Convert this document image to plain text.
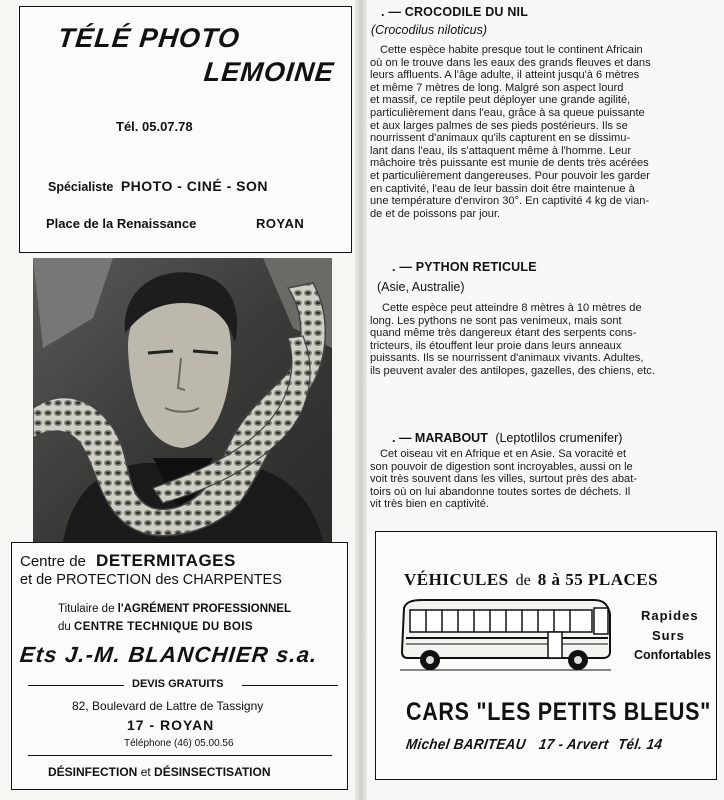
TÉLÉ PHOTO
LEMOINE
Tél. 05.07.78
Spécialiste PHOTO - CINÉ - SON
Place de la Renaissance	ROYAN
Centre de DETERMITAGES
et de PROTECTION des CHARPENTES
Titulaire de l'AGRÉMENT PROFESSIONNEL
du CENTRE TECHNIQUE DU BOIS
Ets J.-M. BLANCHIER s.a.
DEVIS GRATUITS
82, Boulevard de Lattre de Tassigny
17 - ROYAN
Téléphone (46) 05.00.56
DÉSINFECTION et DÉSINSECTISATION
. — CROCODILE DU NIL
(Crocodilus niloticus)
Cette espèce habite presque tout le continent Africain
où on le trouve dans les eaux des grands fleuves et dans
leurs affluents. A l'âge adulte, il atteint jusqu'à 6 mètres
et même 7 mètres de long. Malgré son aspect lourd
et massif, ce reptile peut déployer une grande agilité,
particulièrement dans l'eau, grâce à sa queue puissante
et aux larges palmes de ses pieds postérieurs. Ils se
nourrissent d'animaux qu'ils capturent en se dissimu-
lant dans l'eau, ils s'attaquent même à l'homme. Leur
mâchoire très puissante est munie de dents très acérées
et particulièrement dangereuses. Pour pouvoir les garder
en captivité, l'eau de leur bassin doit être maintenue à
une température d'environ 30°. En captivité 4 kg de vian-
de et de poissons par jour.
. — PYTHON RETICULE
(Asie, Australie)
Cette espèce peut atteindre 8 mètres à 10 mètres de
long. Les pythons ne sont pas venimeux, mais sont
quand même très dangereux étant des serpents cons-
tricteurs, ils étouffent leur proie dans leurs anneaux
puissants. Ils se nourrissent d'animaux vivants. Adultes,
ils peuvent avaler des antilopes, gazelles, des chiens, etc.
. — MARABOUT (Leptotlilos crumenifer)
Cet oiseau vit en Afrique et en Asie. Sa voracité et
son pouvoir de digestion sont incroyables, aussi on le
voit très souvent dans les villes, surtout près des abat-
toirs où on lui abandonne toutes sortes de déchets. Il
vit très bien en captivité.
VÉHICULES de 8 à 55 PLACES
Rapides
Surs
Confortables
CARS "LES PETITS BLEUS"
Michel BARITEAU 17 - Arvert Tél. 14
